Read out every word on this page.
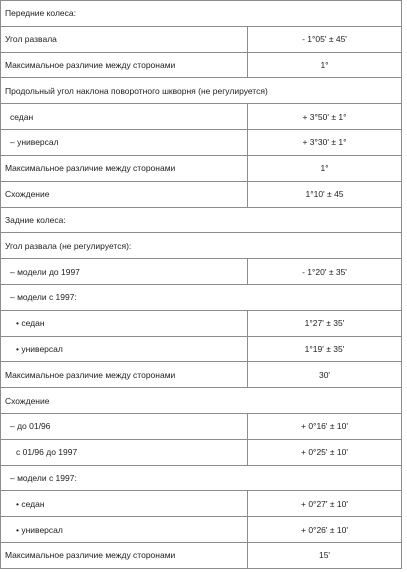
Передние колеса:	
Угол развала	- 1°05' ± 45'
Максимальное различие между сторонами	1°
Продольный угол наклона поворотного шкворня (не регулируется)	
седан	+ 3°50' ± 1°
– универсал	+ 3°30' ± 1°
Максимальное различие между сторонами	1°
Схождение	1°10' ± 45
Задние колеса:	
Угол развала (не регулируется):	
– модели до 1997	- 1°20' ± 35'
– модели с 1997:	
• седан	1°27' ± 35'
• универсал	1°19' ± 35'
Максимальное различие между сторонами	30'
Схождение	
– до 01/96	+ 0°16' ± 10'
с 01/96 до 1997	+ 0°25' ± 10'
– модели с 1997:	
• седан	+ 0°27' ± 10'
• универсал	+ 0°26' ± 10'
Максимальное различие между сторонами	15'
